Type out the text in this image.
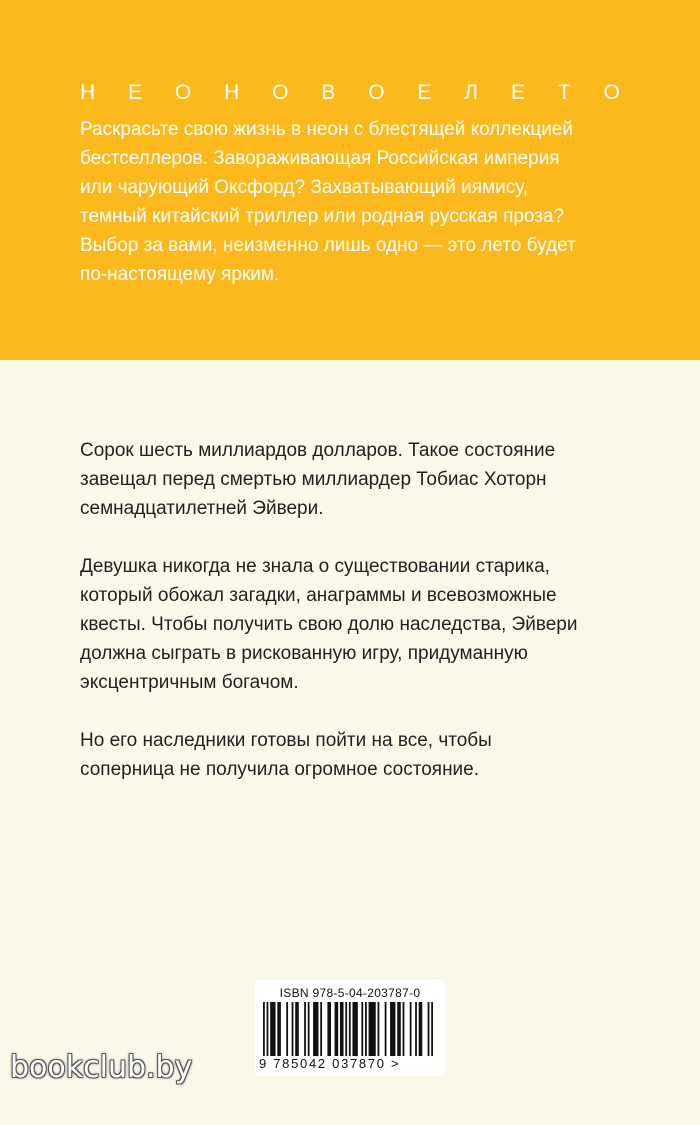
Н Е О Н О В О Е Л Е Т О
Раскрасьте свою жизнь в неон с блестящей коллекцией
бестселлеров. Завораживающая Российская империя
или чарующий Оксфорд? Захватывающий иямису,
темный китайский триллер или родная русская проза?
Выбор за вами, неизменно лишь одно — это лето будет
по-настоящему ярким.

Сорок шесть миллиардов долларов. Такое состояние
завещал перед смертью миллиардер Тобиас Хоторн
семнадцатилетней Эйвери.

Девушка никогда не знала о существовании старика,
который обожал загадки, анаграммы и всевозможные
квесты. Чтобы получить свою долю наследства, Эйвери
должна сыграть в рискованную игру, придуманную
эксцентричным богачом.

Но его наследники готовы пойти на все, чтобы
соперница не получила огромное состояние.

ISBN 978-5-04-203787-0
9 785042 037870 >
bookclub.by
